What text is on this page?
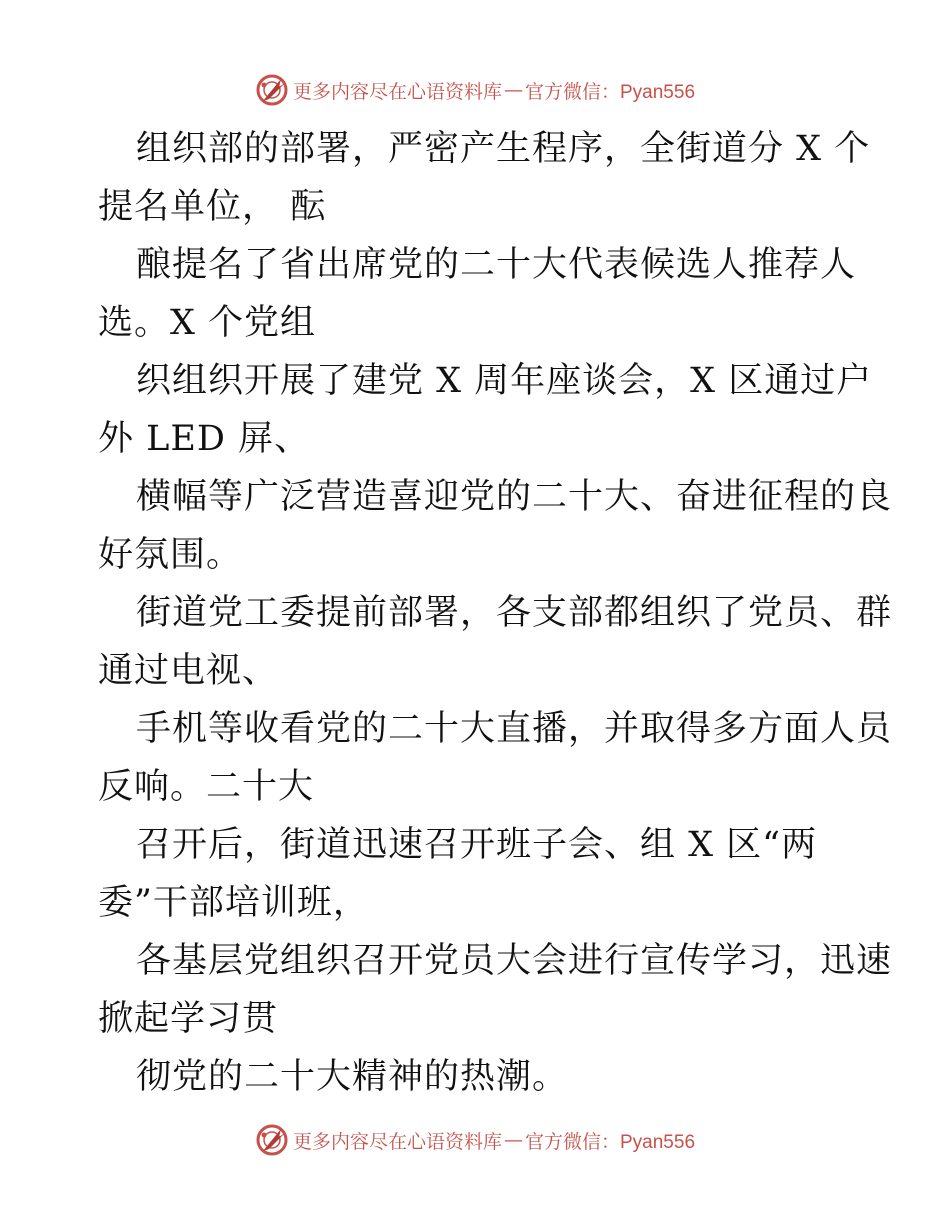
更多内容尽在心语资料库 — 官方微信：Pyan556
组织部的部署，严密产生程序，全街道分 X 个
提名单位， 酝
酿提名了省出席党的二十大代表候选人推荐人
选。X 个党组
织组织开展了建党 X 周年座谈会，X 区通过户
外 LED 屏、
横幅等广泛营造喜迎党的二十大、奋进征程的良
好氛围。
街道党工委提前部署，各支部都组织了党员、群
通过电视、
手机等收看党的二十大直播，并取得多方面人员
反响。二十大
召开后，街道迅速召开班子会、组 X 区“两
委”干部培训班，
各基层党组织召开党员大会进行宣传学习，迅速
掀起学习贯
彻党的二十大精神的热潮。
更多内容尽在心语资料库 — 官方微信：Pyan556
